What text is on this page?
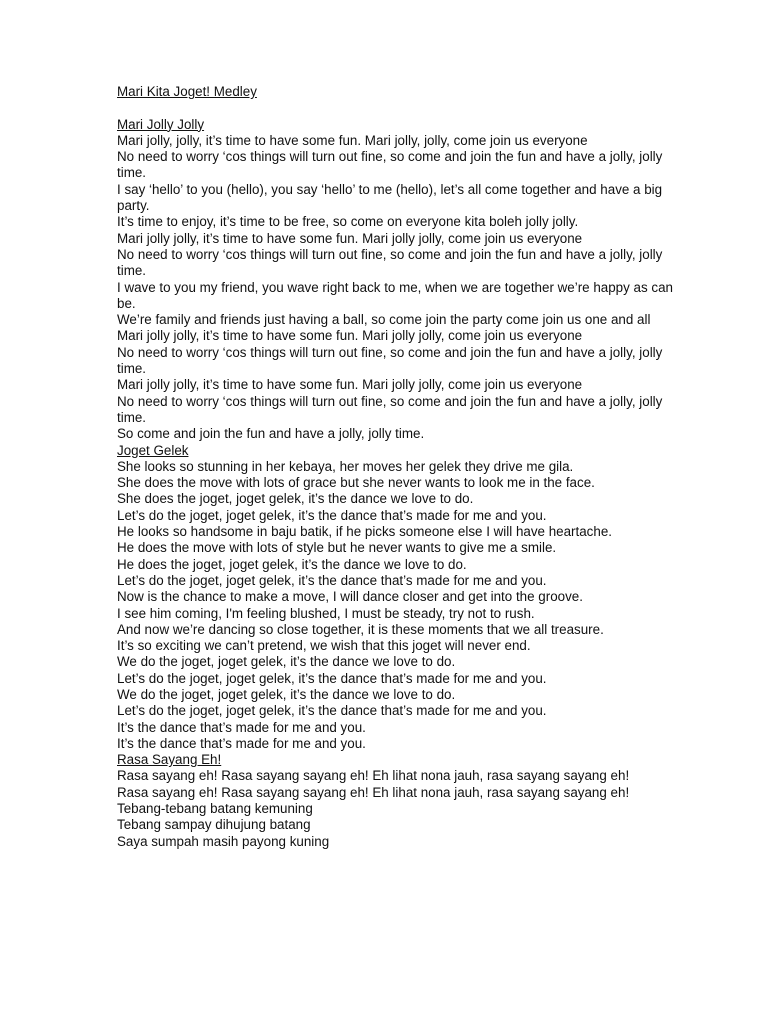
Mari Kita Joget! Medley

Mari Jolly Jolly

Mari jolly, jolly, it’s time to have some fun. Mari jolly, jolly, come join us everyone

No need to worry ‘cos things will turn out fine, so come and join the fun and have a jolly, jolly time.

I say ‘hello’ to you (hello), you say ‘hello’ to me (hello), let’s all come together and have a big party.

It’s time to enjoy, it’s time to be free, so come on everyone kita boleh jolly jolly.

Mari jolly jolly, it’s time to have some fun. Mari jolly jolly, come join us everyone

No need to worry ‘cos things will turn out fine, so come and join the fun and have a jolly, jolly time.

I wave to you my friend, you wave right back to me, when we are together we’re happy as can be.

We’re family and friends just having a ball, so come join the party come join us one and all

Mari jolly jolly, it’s time to have some fun. Mari jolly jolly, come join us everyone

No need to worry ‘cos things will turn out fine, so come and join the fun and have a jolly, jolly time.

Mari jolly jolly, it’s time to have some fun. Mari jolly jolly, come join us everyone

No need to worry ‘cos things will turn out fine, so come and join the fun and have a jolly, jolly time.

So come and join the fun and have a jolly, jolly time.

Joget Gelek

She looks so stunning in her kebaya, her moves her gelek they drive me gila.

She does the move with lots of grace but she never wants to look me in the face.

She does the joget, joget gelek, it’s the dance we love to do.

Let’s do the joget, joget gelek, it’s the dance that’s made for me and you.

He looks so handsome in baju batik, if he picks someone else I will have heartache.

He does the move with lots of style but he never wants to give me a smile.

He does the joget, joget gelek, it’s the dance we love to do.

Let’s do the joget, joget gelek, it’s the dance that’s made for me and you.

Now is the chance to make a move, I will dance closer and get into the groove.

I see him coming, I'm feeling blushed, I must be steady, try not to rush.

And now we’re dancing so close together, it is these moments that we all treasure.

It’s so exciting we can’t pretend, we wish that this joget will never end.

We do the joget, joget gelek, it’s the dance we love to do.

Let’s do the joget, joget gelek, it’s the dance that’s made for me and you.

We do the joget, joget gelek, it’s the dance we love to do.

Let’s do the joget, joget gelek, it’s the dance that’s made for me and you.

It’s the dance that’s made for me and you.

It’s the dance that’s made for me and you.

Rasa Sayang Eh!

Rasa sayang eh! Rasa sayang sayang eh! Eh lihat nona jauh, rasa sayang sayang eh!

Rasa sayang eh! Rasa sayang sayang eh! Eh lihat nona jauh, rasa sayang sayang eh!

Tebang-tebang batang kemuning

Tebang sampay dihujung batang

Saya sumpah masih payong kuning
